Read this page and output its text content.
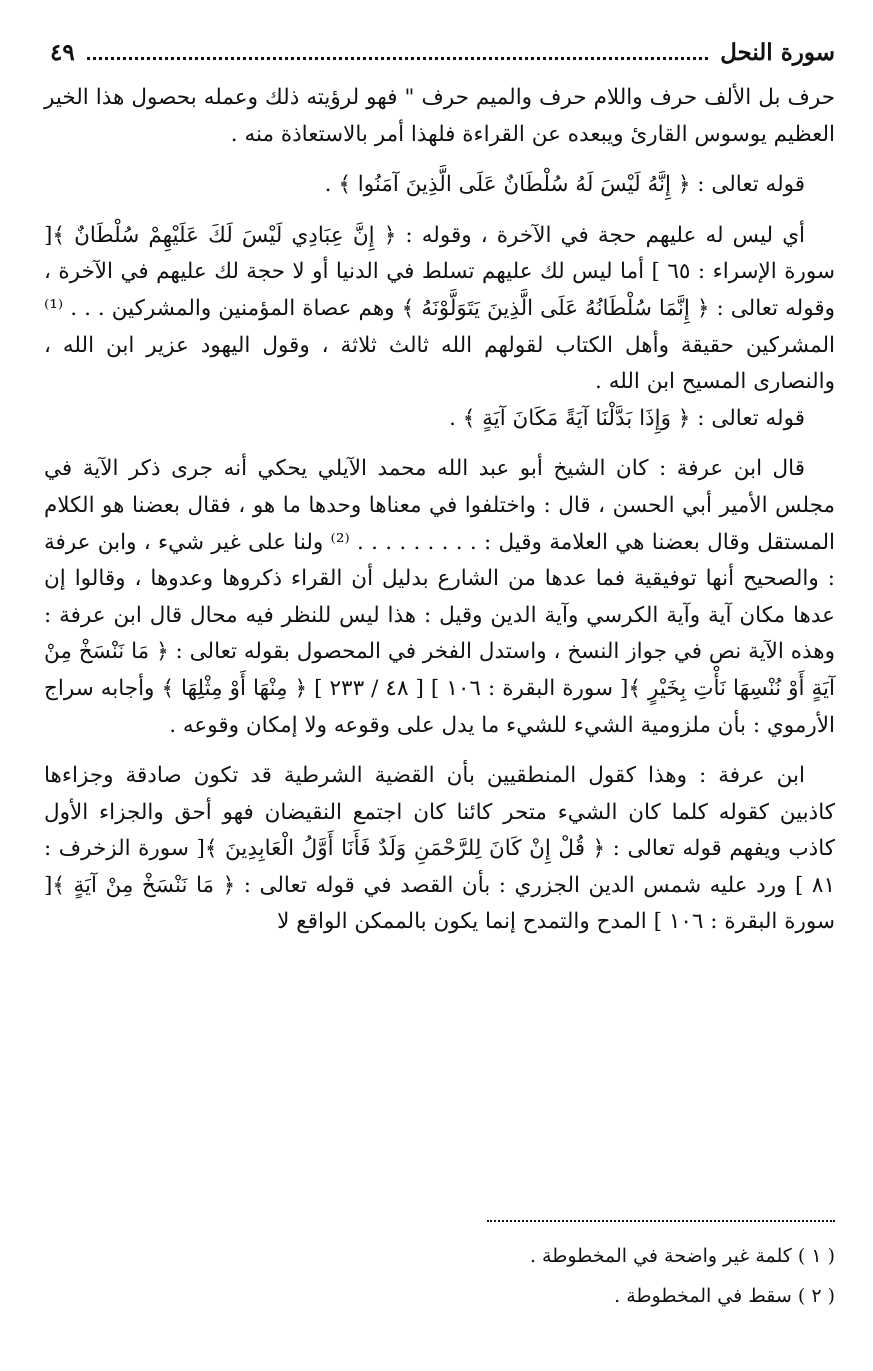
سورة النحل
٤٩

حرف بل الألف حرف واللام حرف والميم حرف " فهو لرؤيته ذلك وعمله بحصول هذا الخير العظيم يوسوس القارئ ويبعده عن القراءة فلهذا أمر بالاستعاذة منه .

قوله تعالى : ﴿ إِنَّهُ لَيْسَ لَهُ سُلْطَانٌ عَلَى الَّذِينَ آمَنُوا ﴾ .

أي ليس له عليهم حجة في الآخرة ، وقوله : ﴿ إِنَّ عِبَادِي لَيْسَ لَكَ عَلَيْهِمْ سُلْطَانٌ ﴾[ سورة الإسراء : ٦٥ ] أما ليس لك عليهم تسلط في الدنيا أو لا حجة لك عليهم في الآخرة ، وقوله تعالى : ﴿ إِنَّمَا سُلْطَانُهُ عَلَى الَّذِينَ يَتَوَلَّوْنَهُ ﴾ وهم عصاة المؤمنين والمشركين . . . ⁽¹⁾ المشركين حقيقة وأهل الكتاب لقولهم الله ثالث ثلاثة ، وقول اليهود عزير ابن الله ، والنصارى المسيح ابن الله .

قوله تعالى : ﴿ وَإِذَا بَدَّلْنَا آيَةً مَكَانَ آيَةٍ ﴾ .

قال ابن عرفة : كان الشيخ أبو عبد الله محمد الآيلي يحكي أنه جرى ذكر الآية في مجلس الأمير أبي الحسن ، قال : واختلفوا في معناها وحدها ما هو ، فقال بعضنا هو الكلام المستقل وقال بعضنا هي العلامة وقيل : . . . . . . . . . ⁽²⁾ ولنا على غير شيء ، وابن عرفة : والصحيح أنها توفيقية فما عدها من الشارع بدليل أن القراء ذكروها وعدوها ، وقالوا إن عدها مكان آية وآية الكرسي وآية الدين وقيل : هذا ليس للنظر فيه محال قال ابن عرفة : وهذه الآية نص في جواز النسخ ، واستدل الفخر في المحصول بقوله تعالى : ﴿ مَا نَنْسَخْ مِنْ آيَةٍ أَوْ نُنْسِهَا نَأْتِ بِخَيْرٍ ﴾[ سورة البقرة : ١٠٦ ] [ ٤٨ / ٢٣٣ ] ﴿ مِنْهَا أَوْ مِثْلِهَا ﴾ وأجابه سراج الأرموي : بأن ملزومية الشيء للشيء ما يدل على وقوعه ولا إمكان وقوعه .

ابن عرفة : وهذا كقول المنطقيين بأن القضية الشرطية قد تكون صادقة وجزاءها كاذبين كقوله كلما كان الشيء متحر كائنا كان اجتمع النقيضان فهو أحق والجزاء الأول كاذب ويفهم قوله تعالى : ﴿ قُلْ إِنْ كَانَ لِلرَّحْمَنِ وَلَدٌ فَأَنَا أَوَّلُ الْعَابِدِينَ ﴾[ سورة الزخرف : ٨١ ] ورد عليه شمس الدين الجزري : بأن القصد في قوله تعالى : ﴿ مَا نَنْسَخْ مِنْ آيَةٍ ﴾[ سورة البقرة : ١٠٦ ] المدح والتمدح إنما يكون بالممكن الواقع لا

( ١ ) كلمة غير واضحة في المخطوطة .
( ٢ ) سقط في المخطوطة .
